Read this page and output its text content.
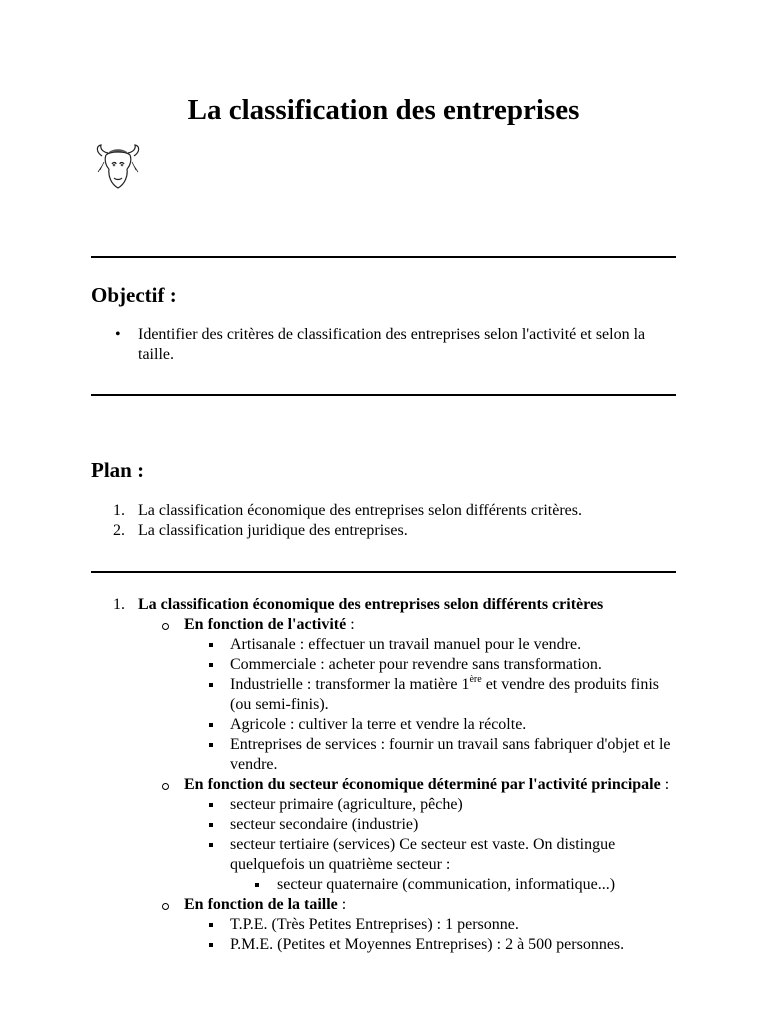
La classification des entreprises
Objectif :
• Identifier des critères de classification des entreprises selon l'activité et selon la taille.
Plan :
1. La classification économique des entreprises selon différents critères.
2. La classification juridique des entreprises.
1. La classification économique des entreprises selon différents critères
En fonction de l'activité :
Artisanale : effectuer un travail manuel pour le vendre.
Commerciale : acheter pour revendre sans transformation.
Industrielle : transformer la matière 1ère et vendre des produits finis (ou semi-finis).
Agricole : cultiver la terre et vendre la récolte.
Entreprises de services : fournir un travail sans fabriquer d'objet et le vendre.
En fonction du secteur économique déterminé par l'activité principale :
secteur primaire (agriculture, pêche)
secteur secondaire (industrie)
secteur tertiaire (services) Ce secteur est vaste. On distingue quelquefois un quatrième secteur :
secteur quaternaire (communication, informatique...)
En fonction de la taille :
T.P.E. (Très Petites Entreprises) : 1 personne.
P.M.E. (Petites et Moyennes Entreprises) : 2 à 500 personnes.
